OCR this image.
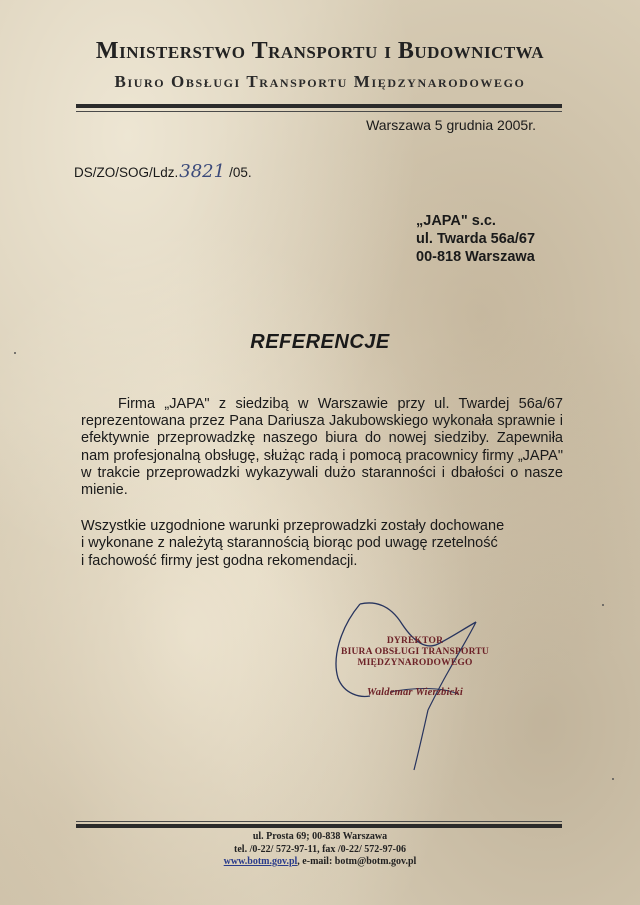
Ministerstwo Transportu i Budownictwa
Biuro Obsługi Transportu Międzynarodowego
Warszawa 5 grudnia 2005r.
DS/ZO/SOG/Ldz. 3821 /05.
„JAPA" s.c.
ul. Twarda 56a/67
00-818 Warszawa
REFERENCJE

Firma „JAPA" z siedzibą w Warszawie przy ul. Twardej 56a/67 reprezentowana przez Pana Dariusza Jakubowskiego wykonała sprawnie i efektywnie przeprowadzkę naszego biura do nowej siedziby. Zapewniła nam profesjonalną obsługę, służąc radą i pomocą pracownicy firmy „JAPA" w trakcie przeprowadzki wykazywali dużo staranności i dbałości o nasze mienie.

Wszystkie uzgodnione warunki przeprowadzki zostały dochowane
i wykonane z należytą starannością biorąc pod uwagę rzetelność
i fachowość firmy jest godna rekomendacji.

DYREKTOR
BIURA OBSŁUGI TRANSPORTU
MIĘDZYNARODOWEGO
Waldemar Wierzbicki
ul. Prosta 69; 00-838 Warszawa
tel. /0-22/ 572-97-11, fax /0-22/ 572-97-06
www.botm.gov.pl, e-mail: botm@botm.gov.pl
